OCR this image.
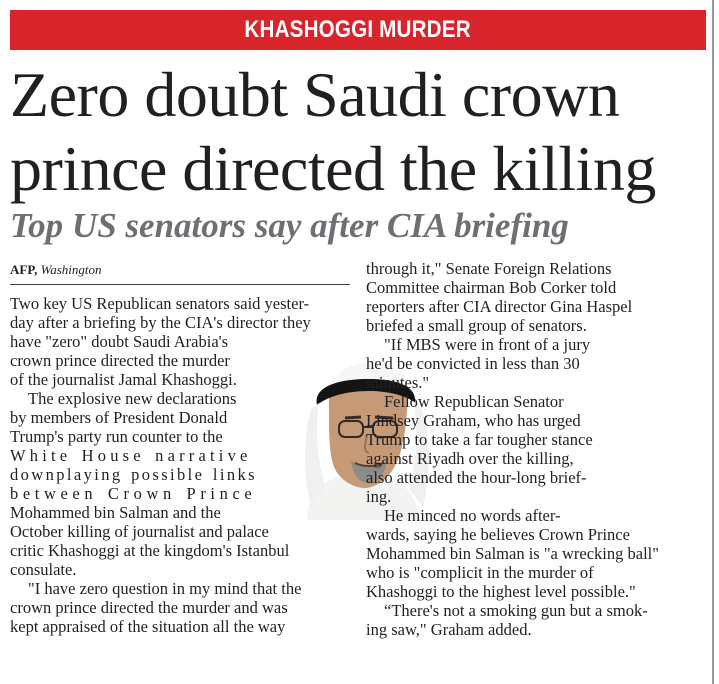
KHASHOGGI MURDER
Zero doubt Saudi crown
prince directed the killing
Top US senators say after CIA briefing
AFP, Washington

Two key US Republican senators said yester-

day after a briefing by the CIA's director they

have "zero" doubt Saudi Arabia's

crown prince directed the murder

of the journalist Jamal Khashoggi.

The explosive new declarations

by members of President Donald

Trump's party run counter to the

White House narrative

downplaying possible links

between Crown Prince

Mohammed bin Salman and the

October killing of journalist and palace

critic Khashoggi at the kingdom's Istanbul

consulate.

"I have zero question in my mind that the

crown prince directed the murder and was

kept appraised of the situation all the way

through it," Senate Foreign Relations

Committee chairman Bob Corker told

reporters after CIA director Gina Haspel

briefed a small group of senators.

"If MBS were in front of a jury

he'd be convicted in less than 30

minutes."

Fellow Republican Senator

Lindsey Graham, who has urged

Trump to take a far tougher stance

against Riyadh over the killing,

also attended the hour-long brief-

ing.

He minced no words after-

wards, saying he believes Crown Prince

Mohammed bin Salman is "a wrecking ball"

who is "complicit in the murder of

Khashoggi to the highest level possible."

“There's not a smoking gun but a smok-

ing saw," Graham added.
